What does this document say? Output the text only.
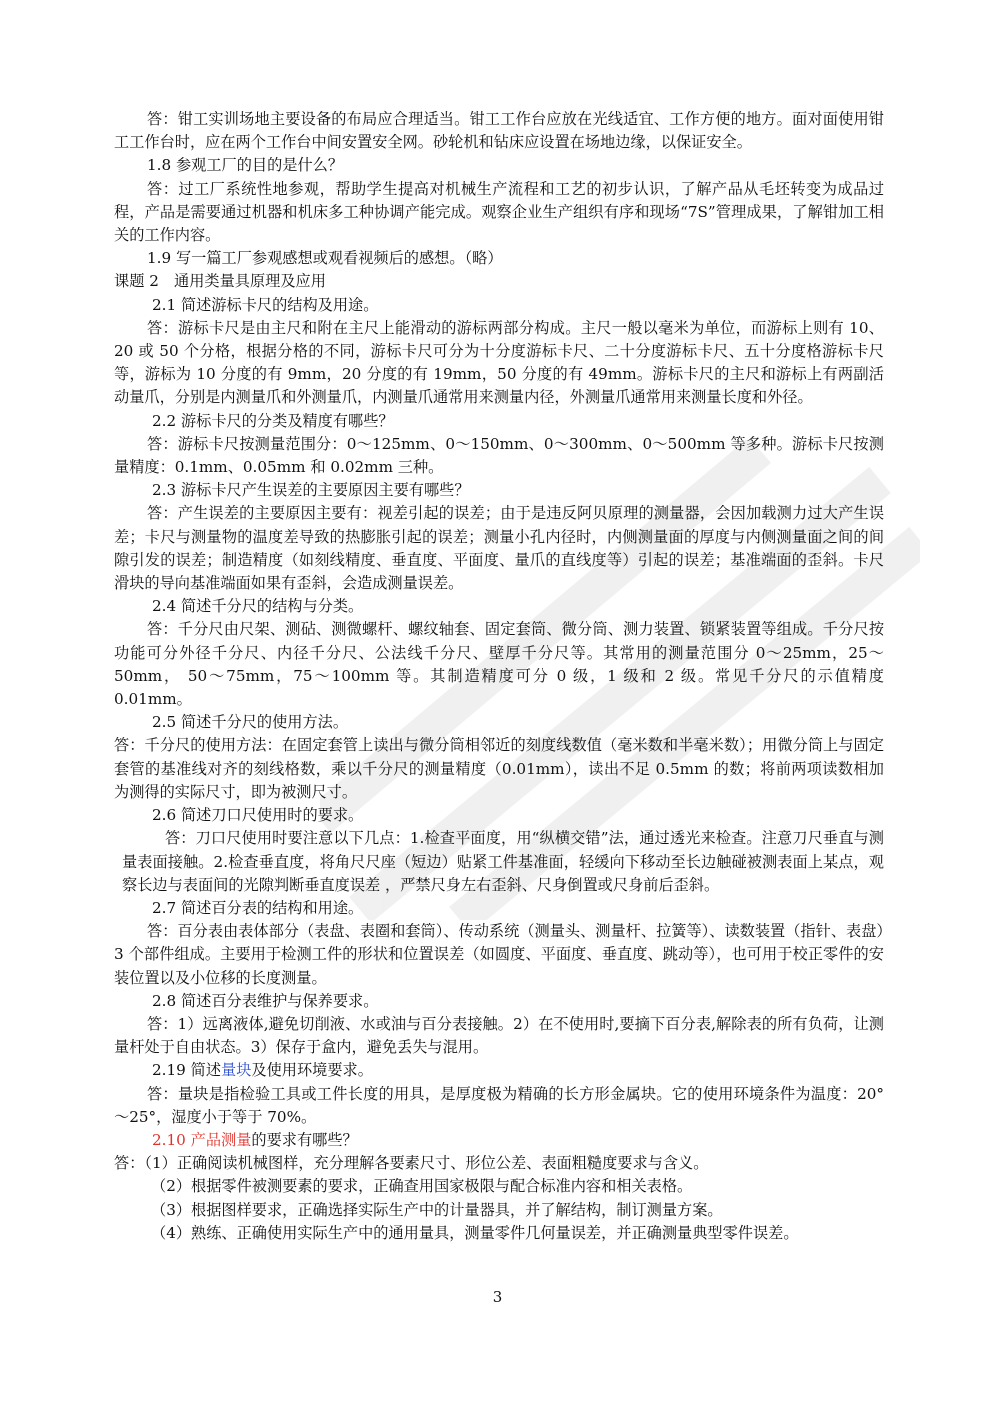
答：钳工实训场地主要设备的布局应合理适当。钳工工作台应放在光线适宜、工作方便的地方。面对面使用钳工工作台时，应在两个工作台中间安置安全网。砂轮机和钻床应设置在场地边缘，以保证安全。

1.8 参观工厂的目的是什么？

答：过工厂系统性地参观，帮助学生提高对机械生产流程和工艺的初步认识，了解产品从毛坯转变为成品过程，产品是需要通过机器和机床多工种协调产能完成。观察企业生产组织有序和现场“7S”管理成果，了解钳加工相关的工作内容。

1.9 写一篇工厂参观感想或观看视频后的感想。（略）

课题 2　通用类量具原理及应用

2.1 简述游标卡尺的结构及用途。

答：游标卡尺是由主尺和附在主尺上能滑动的游标两部分构成。主尺一般以毫米为单位，而游标上则有 10、20 或 50 个分格，根据分格的不同，游标卡尺可分为十分度游标卡尺、二十分度游标卡尺、五十分度格游标卡尺等，游标为 10 分度的有 9mm，20 分度的有 19mm，50 分度的有 49mm。游标卡尺的主尺和游标上有两副活动量爪，分别是内测量爪和外测量爪，内测量爪通常用来测量内径，外测量爪通常用来测量长度和外径。

2.2 游标卡尺的分类及精度有哪些？

答：游标卡尺按测量范围分：0～125mm、0～150mm、0～300mm、0～500mm 等多种。游标卡尺按测量精度：0.1mm、0.05mm 和 0.02mm 三种。

2.3 游标卡尺产生误差的主要原因主要有哪些？

答：产生误差的主要原因主要有：视差引起的误差；由于是违反阿贝原理的测量器，会因加载测力过大产生误差；卡尺与测量物的温度差导致的热膨胀引起的误差；测量小孔内径时，内侧测量面的厚度与内侧测量面之间的间隙引发的误差；制造精度（如刻线精度、垂直度、平面度、量爪的直线度等）引起的误差；基准端面的歪斜。卡尺滑块的导向基准端面如果有歪斜，会造成测量误差。

2.4 简述千分尺的结构与分类。

答：千分尺由尺架、测砧、测微螺杆、螺纹轴套、固定套筒、微分筒、测力装置、锁紧装置等组成。千分尺按功能可分外径千分尺、内径千分尺、公法线千分尺、壁厚千分尺等。其常用的测量范围分 0～25mm，25～50mm， 50～75mm，75～100mm 等。其制造精度可分 0 级，1 级和 2 级。常见千分尺的示值精度 0.01mm。

2.5 简述千分尺的使用方法。

答：千分尺的使用方法：在固定套管上读出与微分筒相邻近的刻度线数值（毫米数和半毫米数）；用微分筒上与固定套管的基准线对齐的刻线格数，乘以千分尺的测量精度（0.01mm），读出不足 0.5mm 的数；将前两项读数相加为测得的实际尺寸，即为被测尺寸。

2.6 简述刀口尺使用时的要求。

答：刀口尺使用时要注意以下几点：1.检查平面度，用“纵横交错”法，通过透光来检查。注意刀尺垂直与测量表面接触。2.检查垂直度，将角尺尺座（短边）贴紧工件基准面，轻缓向下移动至长边触碰被测表面上某点，观察长边与表面间的光隙判断垂直度误差 ，严禁尺身左右歪斜、尺身倒置或尺身前后歪斜。

2.7 简述百分表的结构和用途。

答：百分表由表体部分（表盘、表圈和套筒）、传动系统（测量头、测量杆、拉簧等）、读数装置（指针、表盘）3 个部件组成。主要用于检测工件的形状和位置误差（如圆度、平面度、垂直度、跳动等），也可用于校正零件的安装位置以及小位移的长度测量。

2.8 简述百分表维护与保养要求。

答：1）远离液体,避免切削液、水或油与百分表接触。2）在不使用时,要摘下百分表,解除表的所有负荷，让测量杆处于自由状态。3）保存于盒内，避免丢失与混用。

2.19 简述量块及使用环境要求。

答：量块是指检验工具或工件长度的用具，是厚度极为精确的长方形金属块。它的使用环境条件为温度：20°～25°，湿度小于等于 70%。

2.10 产品测量的要求有哪些？

答：（1）正确阅读机械图样，充分理解各要素尺寸、形位公差、表面粗糙度要求与含义。

（2）根据零件被测要素的要求，正确查用国家极限与配合标准内容和相关表格。

（3）根据图样要求，正确选择实际生产中的计量器具，并了解结构，制订测量方案。

（4）熟练、正确使用实际生产中的通用量具，测量零件几何量误差，并正确测量典型零件误差。

3
